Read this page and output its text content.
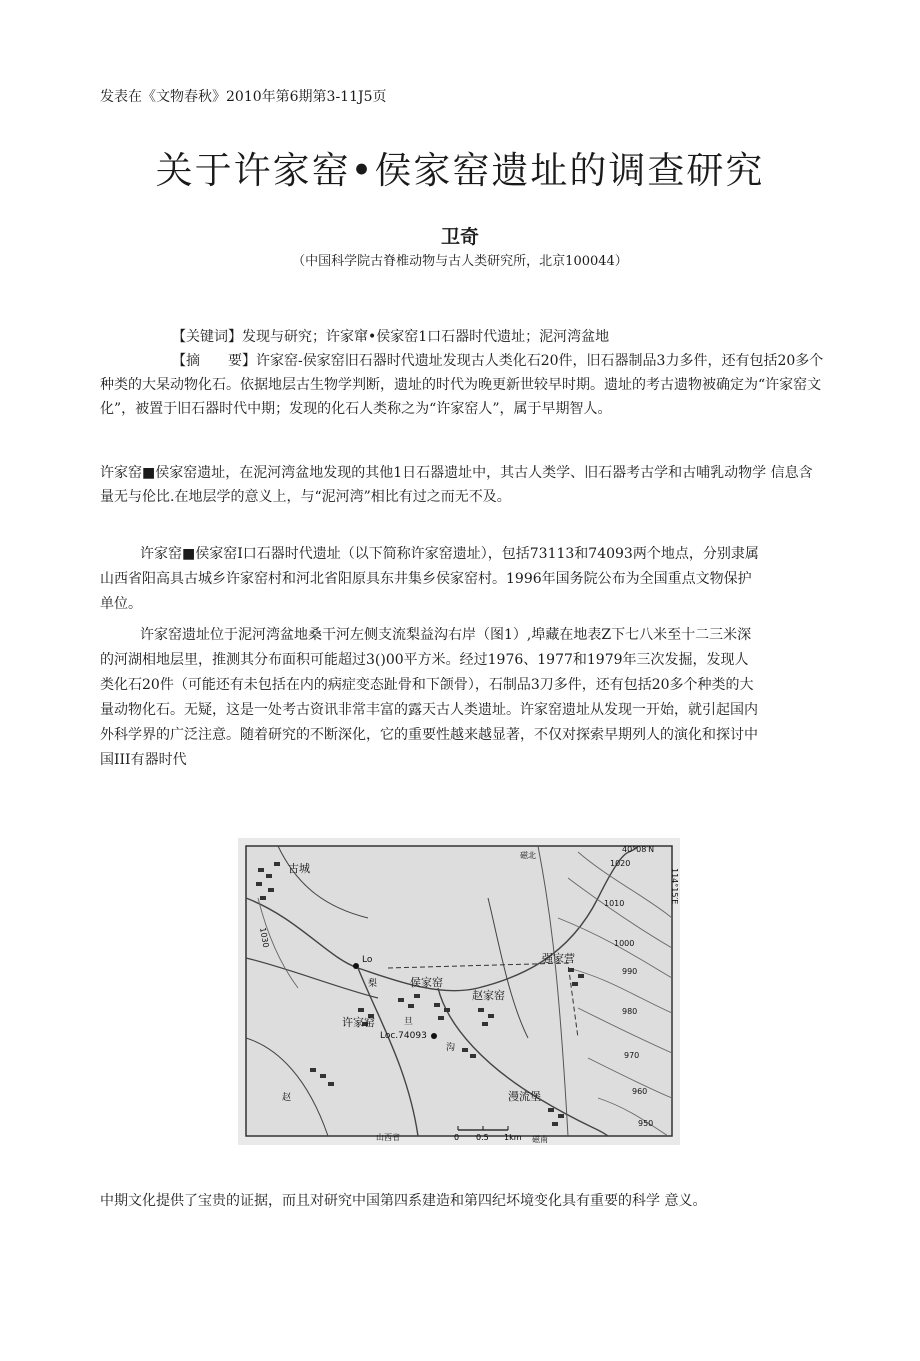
发表在《文物春秋》2010年第6期第3-11J5页
关于许家窑•侯家窑遗址的调查研究
卫奇
（中国科学院古脊椎动物与古人类研究所，北京100044）

【关键词】发现与研究；许家窜•侯家窑1口石器时代遗址；泥河湾盆地

【摘　　要】许家窑-侯家窑旧石器时代遗址发现古人类化石20件，旧石器制品3力多件，还有包括20多个种类的大杲动物化石。依据地层古生物学判断，遗址的时代为晚更新世较早时期。遗址的考古遗物被确定为“许家窑文化”，被置于旧石器时代中期；发现的化石人类称之为“许家窑人”，属于早期智人。

许家窑■侯家窑遗址，在泥河湾盆地发现的其他1日石器遗址中，其古人类学、旧石器考古学和古哺乳动物学 信息含量无与伦比.在地层学的意义上，与“泥河湾”相比有过之而无不及。

许家窑■侯家窑I口石器时代遗址（以下简称许家窑遗址），包括73113和74093两个地点，分别隶属山西省阳高具古城乡许家窑村和河北省阳原具东井集乡侯家窑村。1996年国务院公布为全国重点文物保护单位。

许家窑遗址位于泥河湾盆地桑干河左侧支流梨益沟右岸（图1）,埠藏在地表Z下七八米至十二三米深的河湖相地层里，推测其分布面积可能超过3()00平方米。经过1976、1977和1979年三次发掘，发现人类化石20件（可能还有未包括在内的病症变态趾骨和下颌骨），石制品3刀多件，还有包括20多个种类的大量动物化石。无疑，这是一处考古资讯非常丰富的露天古人类遗址。许家窑遗址从发现一开始，就引起国内外科学界的广泛注意。随着研究的不断深化，它的重要性越来越显著，不仅对探索早期列人的演化和探讨中国III有器时代

古城
侯家窑
赵家窑
许家窑
强家营
漫流堡
Lo
Loc.74093
梨
沟
旦
赵
磁北
磁南
山西省
40°08′N
114°15′E
1020
1010
1030	1000
990
980
970
960
950
0 0.5 1km
中期文化提供了宝贵的证据，而且对研究中国第四系建造和第四纪坏境变化具有重要的科学 意义。
